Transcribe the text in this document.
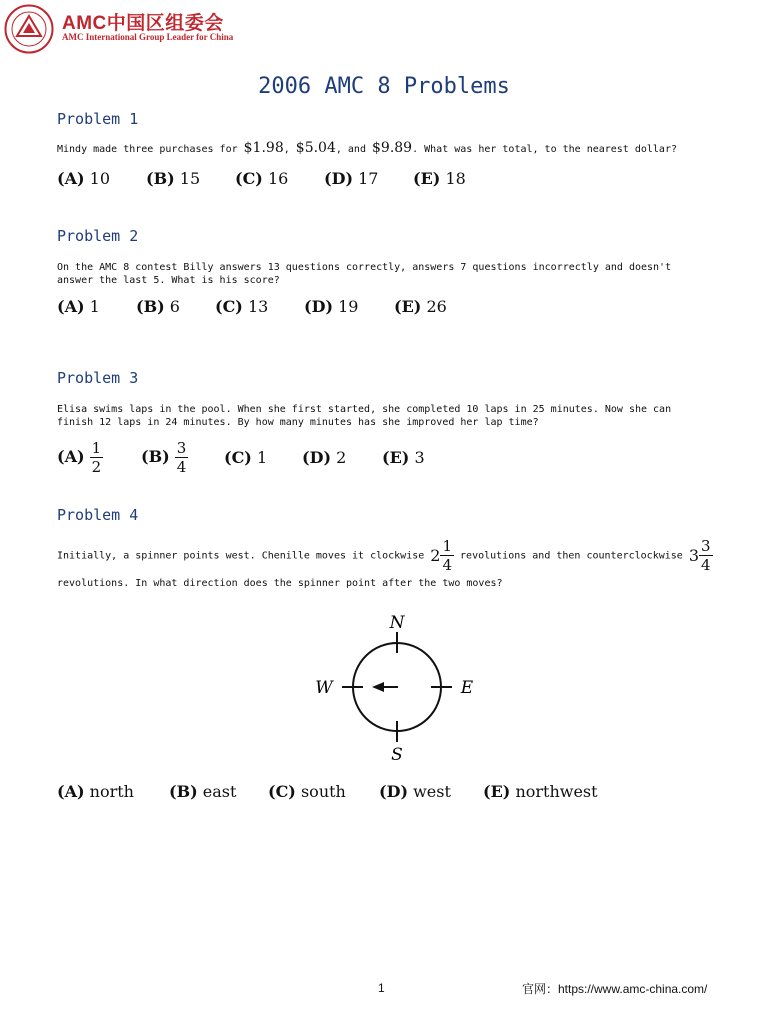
AMC中国区组委会
AMC International Group Leader for China
2006 AMC 8 Problems
Problem 1
Mindy made three purchases for $1.98, $5.04, and $9.89. What was her total, to the nearest dollar?
(A) 10 (B) 15 (C) 16 (D) 17 (E) 18
Problem 2
On the AMC 8 contest Billy answers 13 questions correctly, answers 7 questions incorrectly and doesn't
answer the last 5. What is his score?
(A) 1 (B) 6 (C) 13 (D) 19 (E) 26
Problem 3
Elisa swims laps in the pool. When she first started, she completed 10 laps in 25 minutes. Now she can
finish 12 laps in 24 minutes. By how many minutes has she improved her lap time?
$(A) \frac{1}{2} (B) \frac{3}{4} (C)$ 1 (D) 2 (E) 3
Problem 4
Initially, a spinner points west. Chenille moves it clockwise $2 \frac{1}{4}$ revolutions and then counterclockwise $3 \frac{3}{4}$
revolutions. In what direction does the spinner point after the two moves?
N
S
W	E
(A) north (B) east (C) south (D) west (E) northwest
1	官网：https://www.amc-china.com/
